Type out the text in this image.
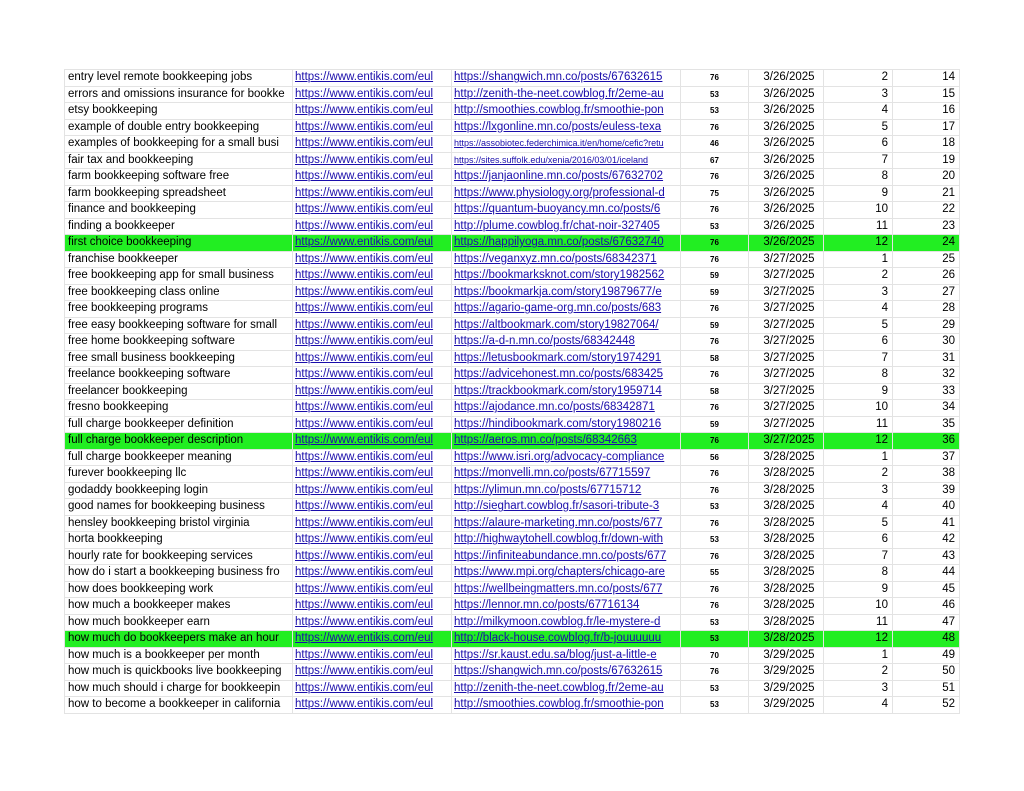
entry level remote bookkeeping jobs	https://www.entikis.com/eul	https://shangwich.mn.co/posts/67632615	76	3/26/2025	2	14
errors and omissions insurance for bookke	https://www.entikis.com/eul	http://zenith-the-neet.cowblog.fr/2eme-au	53	3/26/2025	3	15
etsy bookkeeping	https://www.entikis.com/eul	http://smoothies.cowblog.fr/smoothie-pon	53	3/26/2025	4	16
example of double entry bookkeeping	https://www.entikis.com/eul	https://lxgonline.mn.co/posts/euless-texa	76	3/26/2025	5	17
examples of bookkeeping for a small busi	https://www.entikis.com/eul	https://assobiotec.federchimica.it/en/home/cefic?retu	46	3/26/2025	6	18
fair tax and bookkeeping	https://www.entikis.com/eul	https://sites.suffolk.edu/xenia/2016/03/01/iceland	67	3/26/2025	7	19
farm bookkeeping software free	https://www.entikis.com/eul	https://janjaonline.mn.co/posts/67632702	76	3/26/2025	8	20
farm bookkeeping spreadsheet	https://www.entikis.com/eul	https://www.physiology.org/professional-d	75	3/26/2025	9	21
finance and bookkeeping	https://www.entikis.com/eul	https://quantum-buoyancy.mn.co/posts/6	76	3/26/2025	10	22
finding a bookkeeper	https://www.entikis.com/eul	http://plume.cowblog.fr/chat-noir-327405	53	3/26/2025	11	23
first choice bookkeeping	https://www.entikis.com/eul	https://happilyoga.mn.co/posts/67632740	76	3/26/2025	12	24
franchise bookkeeper	https://www.entikis.com/eul	https://veganxyz.mn.co/posts/68342371	76	3/27/2025	1	25
free bookkeeping app for small business	https://www.entikis.com/eul	https://bookmarksknot.com/story1982562	59	3/27/2025	2	26
free bookkeeping class online	https://www.entikis.com/eul	https://bookmarkja.com/story19879677/e	59	3/27/2025	3	27
free bookkeeping programs	https://www.entikis.com/eul	https://agario-game-org.mn.co/posts/683	76	3/27/2025	4	28
free easy bookkeeping software for small	https://www.entikis.com/eul	https://altbookmark.com/story19827064/	59	3/27/2025	5	29
free home bookkeeping software	https://www.entikis.com/eul	https://a-d-n.mn.co/posts/68342448	76	3/27/2025	6	30
free small business bookkeeping	https://www.entikis.com/eul	https://letusbookmark.com/story1974291	58	3/27/2025	7	31
freelance bookkeeping software	https://www.entikis.com/eul	https://advicehonest.mn.co/posts/683425	76	3/27/2025	8	32
freelancer bookkeeping	https://www.entikis.com/eul	https://trackbookmark.com/story1959714	58	3/27/2025	9	33
fresno bookkeeping	https://www.entikis.com/eul	https://ajodance.mn.co/posts/68342871	76	3/27/2025	10	34
full charge bookkeeper definition	https://www.entikis.com/eul	https://hindibookmark.com/story1980216	59	3/27/2025	11	35
full charge bookkeeper description	https://www.entikis.com/eul	https://aeros.mn.co/posts/68342663	76	3/27/2025	12	36
full charge bookkeeper meaning	https://www.entikis.com/eul	https://www.isri.org/advocacy-compliance	56	3/28/2025	1	37
furever bookkeeping llc	https://www.entikis.com/eul	https://monvelli.mn.co/posts/67715597	76	3/28/2025	2	38
godaddy bookkeeping login	https://www.entikis.com/eul	https://ylimun.mn.co/posts/67715712	76	3/28/2025	3	39
good names for bookkeeping business	https://www.entikis.com/eul	http://sieghart.cowblog.fr/sasori-tribute-3	53	3/28/2025	4	40
hensley bookkeeping bristol virginia	https://www.entikis.com/eul	https://alaure-marketing.mn.co/posts/677	76	3/28/2025	5	41
horta bookkeeping	https://www.entikis.com/eul	http://highwaytohell.cowblog.fr/down-with	53	3/28/2025	6	42
hourly rate for bookkeeping services	https://www.entikis.com/eul	https://infiniteabundance.mn.co/posts/677	76	3/28/2025	7	43
how do i start a bookkeeping business fro	https://www.entikis.com/eul	https://www.mpi.org/chapters/chicago-are	55	3/28/2025	8	44
how does bookkeeping work	https://www.entikis.com/eul	https://wellbeingmatters.mn.co/posts/677	76	3/28/2025	9	45
how much a bookkeeper makes	https://www.entikis.com/eul	https://lennor.mn.co/posts/67716134	76	3/28/2025	10	46
how much bookkeeper earn	https://www.entikis.com/eul	http://milkymoon.cowblog.fr/le-mystere-d	53	3/28/2025	11	47
how much do bookkeepers make an hour	https://www.entikis.com/eul	http://black-house.cowblog.fr/b-jouuuuuu	53	3/28/2025	12	48
how much is a bookkeeper per month	https://www.entikis.com/eul	https://sr.kaust.edu.sa/blog/just-a-little-e	70	3/29/2025	1	49
how much is quickbooks live bookkeeping	https://www.entikis.com/eul	https://shangwich.mn.co/posts/67632615	76	3/29/2025	2	50
how much should i charge for bookkeepin	https://www.entikis.com/eul	http://zenith-the-neet.cowblog.fr/2eme-au	53	3/29/2025	3	51
how to become a bookkeeper in california	https://www.entikis.com/eul	http://smoothies.cowblog.fr/smoothie-pon	53	3/29/2025	4	52
